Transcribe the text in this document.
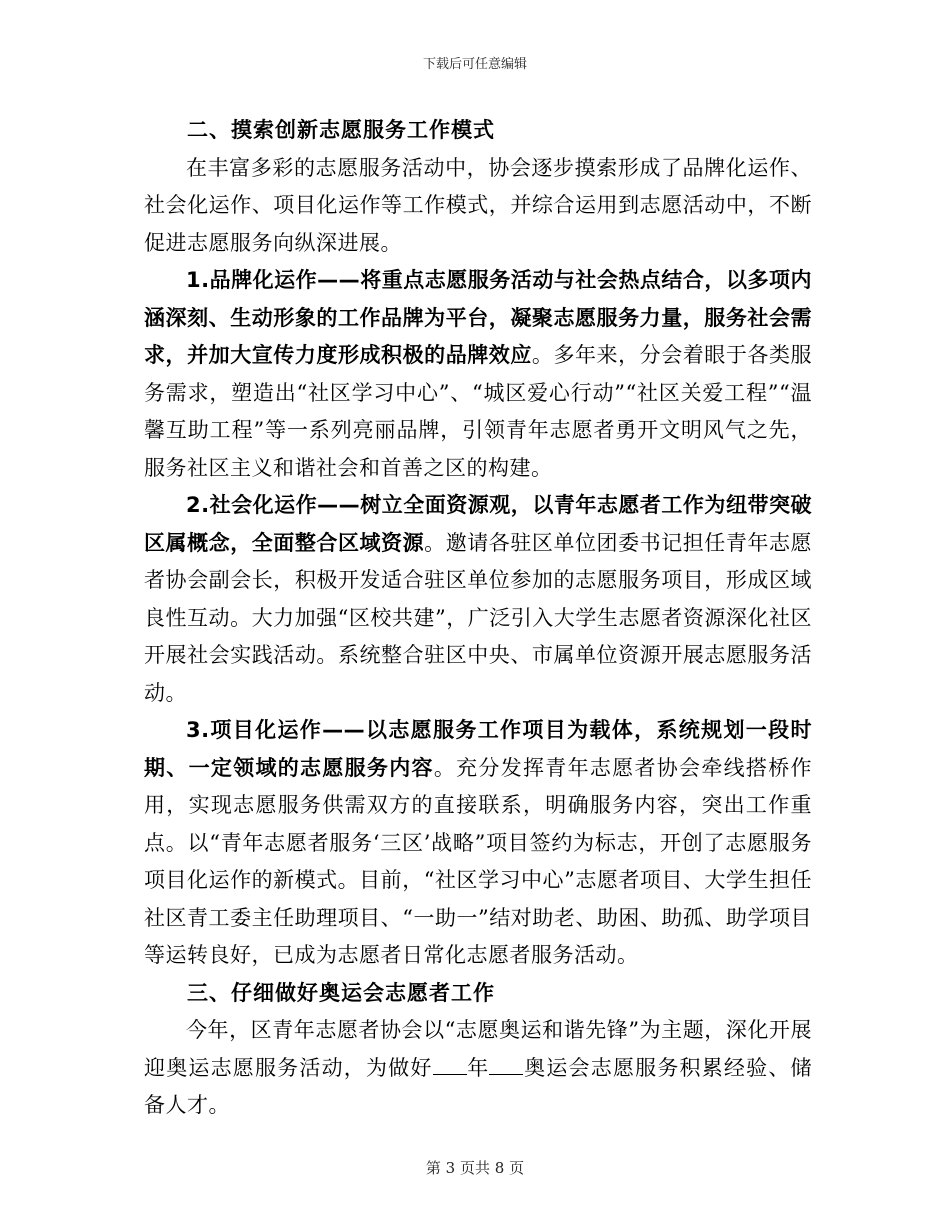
下载后可任意编辑
二、摸索创新志愿服务工作模式

在丰富多彩的志愿服务活动中，协会逐步摸索形成了品牌化运作、社会化运作、项目化运作等工作模式，并综合运用到志愿活动中，不断促进志愿服务向纵深进展。

1.品牌化运作——将重点志愿服务活动与社会热点结合，以多项内涵深刻、生动形象的工作品牌为平台，凝聚志愿服务力量，服务社会需求，并加大宣传力度形成积极的品牌效应。多年来，分会着眼于各类服务需求，塑造出“社区学习中心”、“城区爱心行动”“社区关爱工程”“温馨互助工程”等一系列亮丽品牌，引领青年志愿者勇开文明风气之先，服务社区主义和谐社会和首善之区的构建。

2.社会化运作——树立全面资源观，以青年志愿者工作为纽带突破区属概念，全面整合区域资源。邀请各驻区单位团委书记担任青年志愿者协会副会长，积极开发适合驻区单位参加的志愿服务项目，形成区域良性互动。大力加强“区校共建”，广泛引入大学生志愿者资源深化社区开展社会实践活动。系统整合驻区中央、市属单位资源开展志愿服务活动。

3.项目化运作——以志愿服务工作项目为载体，系统规划一段时期、一定领域的志愿服务内容。充分发挥青年志愿者协会牵线搭桥作用，实现志愿服务供需双方的直接联系，明确服务内容，突出工作重点。以“青年志愿者服务‘三区’战略”项目签约为标志，开创了志愿服务项目化运作的新模式。目前，“社区学习中心”志愿者项目、大学生担任社区青工委主任助理项目、“一助一”结对助老、助困、助孤、助学项目等运转良好，已成为志愿者日常化志愿者服务活动。

三、仔细做好奥运会志愿者工作

今年，区青年志愿者协会以“志愿奥运和谐先锋”为主题，深化开展迎奥运志愿服务活动，为做好 年 奥运会志愿服务积累经验、储备人才。

第 3 页共 8 页
